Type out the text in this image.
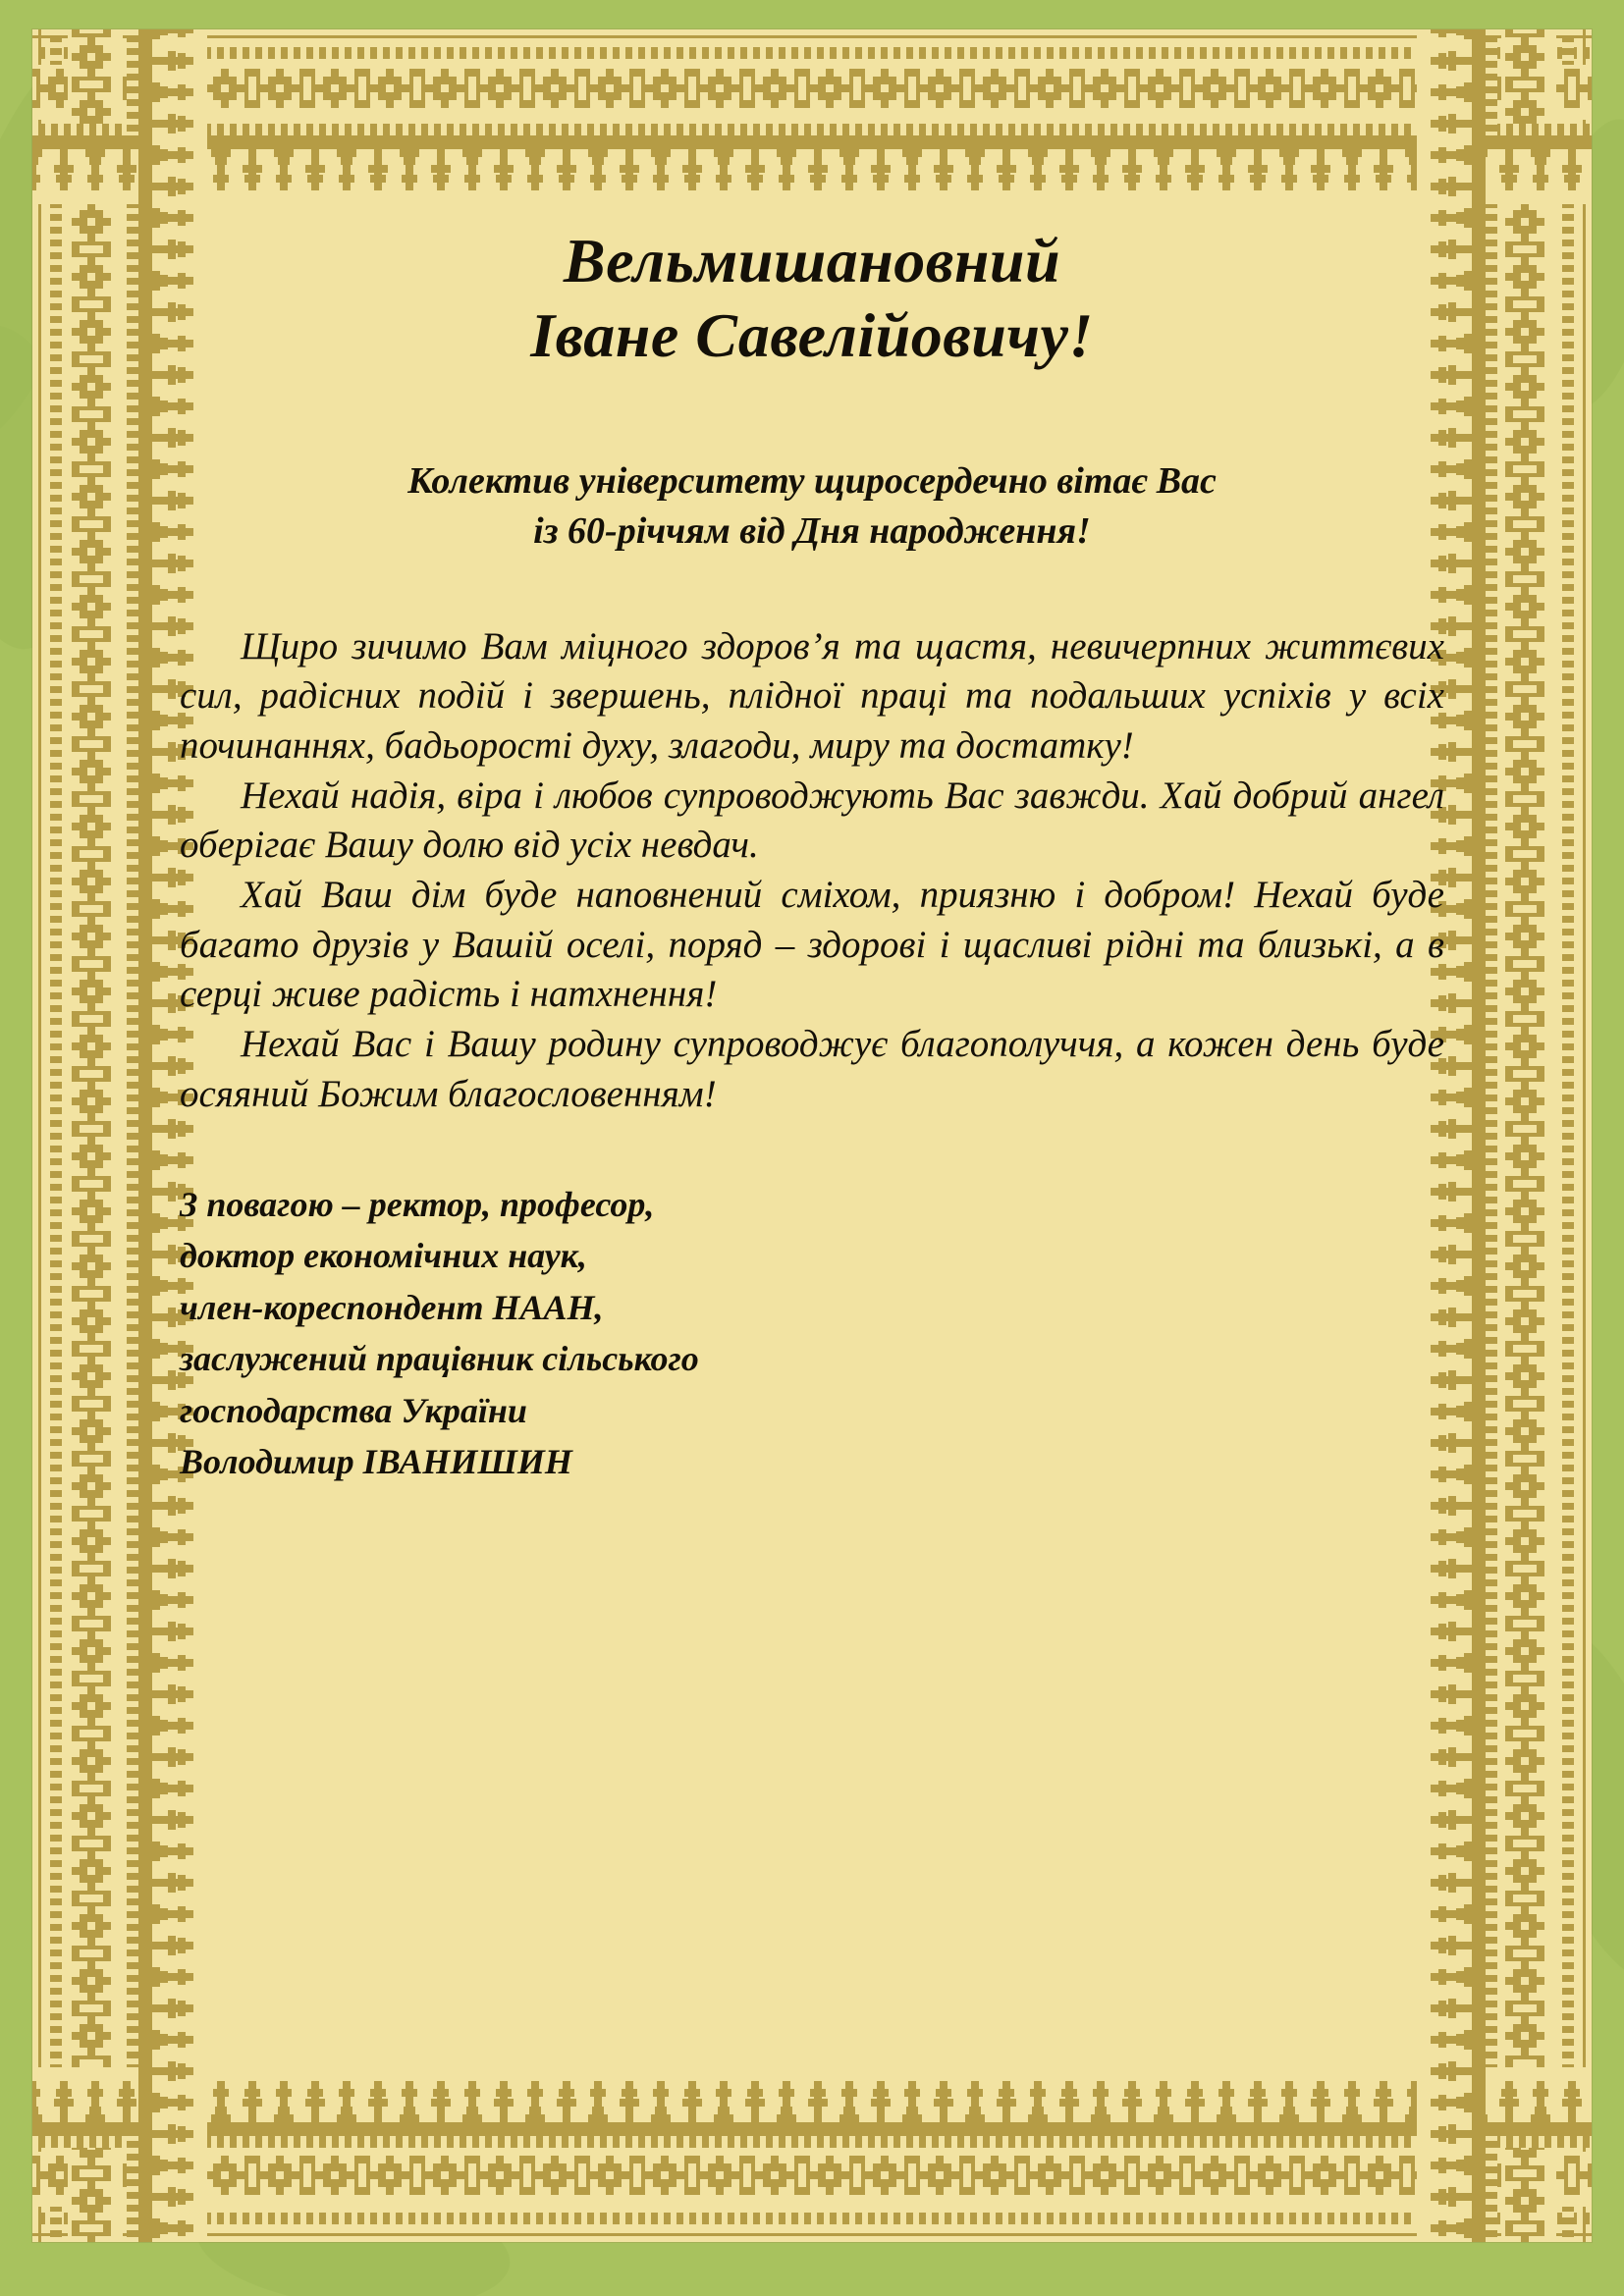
Вельмишановний
Іване Савелійовичу!
Колектив університету щиросердечно вітає Вас
із 60-річчям від Дня народження!

Щиро зичимо Вам міцного здоров’я та щастя, невичерпних життєвих сил, радісних подій і звершень, плідної праці та подальших успіхів у всіх починаннях, бадьорості духу, злагоди, миру та достатку!

Нехай надія, віра і любов супроводжують Вас завжди. Хай добрий ангел оберігає Вашу долю від усіх невдач.

Хай Ваш дім буде наповнений сміхом, приязню і добром! Нехай буде багато друзів у Вашій оселі, поряд – здорові і щасливі рідні та близькі, а в серці живе радість і натхнення!

Нехай Вас і Вашу родину супроводжує благополуччя, а кожен день буде осяяний Божим благословенням!

З повагою – ректор, професор,
доктор економічних наук,
член-кореспондент НААН,
заслужений працівник сільського
господарства України
Володимир ІВАНИШИН
